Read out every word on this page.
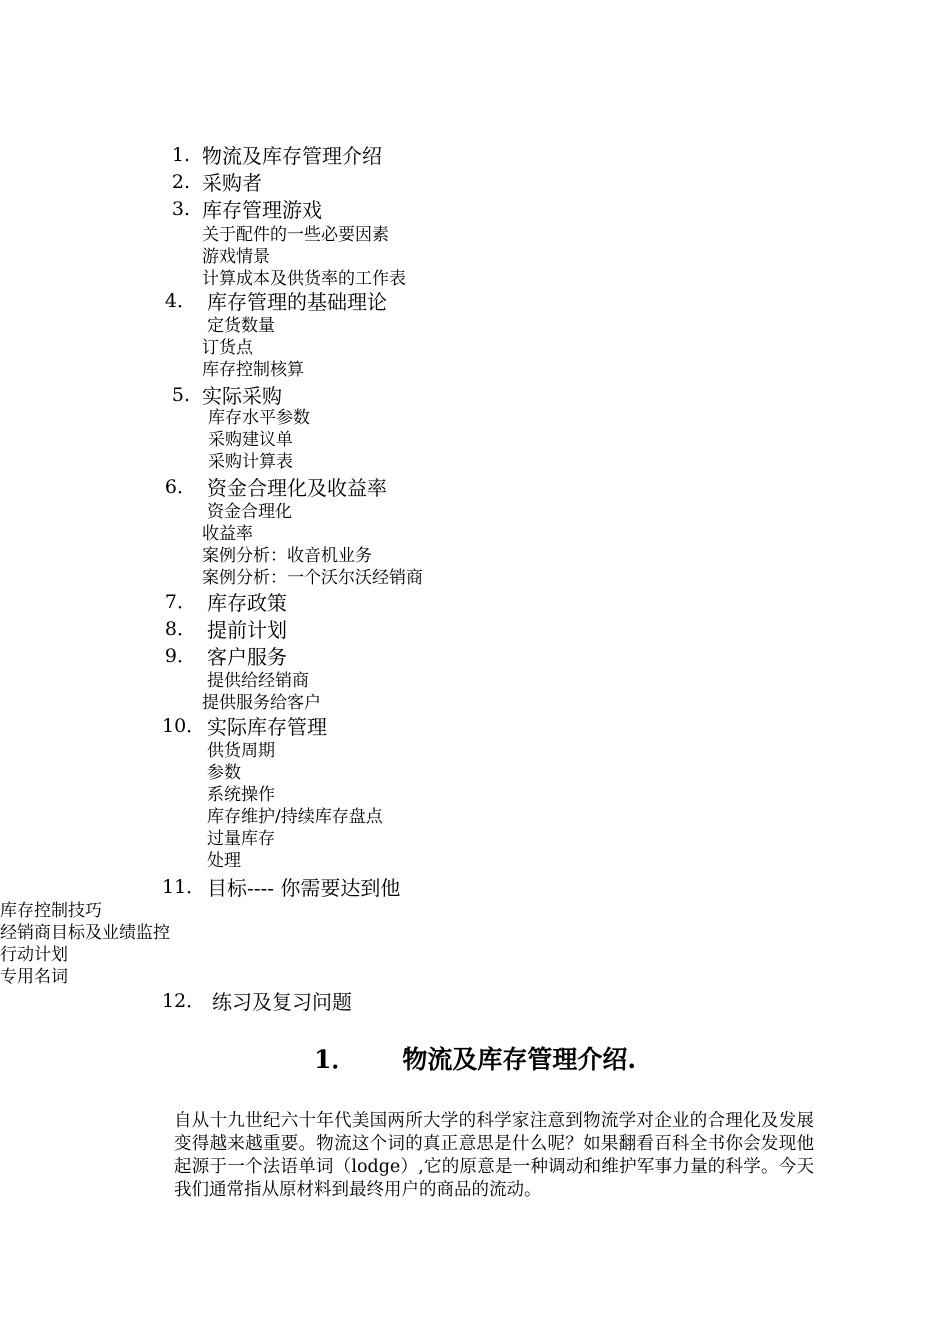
1. 物流及库存管理介绍
2. 采购者
3. 库存管理游戏
关于配件的一些必要因素
游戏情景
计算成本及供货率的工作表
4． 库存管理的基础理论
定货数量
订货点
库存控制核算
5. 实际采购
库存水平参数
采购建议单
采购计算表
6． 资金合理化及收益率
资金合理化
收益率
案例分析：收音机业务
案例分析：一个沃尔沃经销商
7． 库存政策
8． 提前计划
9． 客户服务
提供给经销商
提供服务给客户
10． 实际库存管理
供货周期
参数
系统操作
库存维护/持续库存盘点
过量库存
处理
11． 目标---- 你需要达到他
库存控制技巧
经销商目标及业绩监控
行动计划
专用名词
12． 练习及复习问题
1． 物流及库存管理介绍.
自从十九世纪六十年代美国两所大学的科学家注意到物流学对企业的合理化及发展变得越来越重要。物流这个词的真正意思是什么呢？如果翻看百科全书你会发现他起源于一个法语单词（lodge）,它的原意是一种调动和维护军事力量的科学。今天我们通常指从原材料到最终用户的商品的流动。
